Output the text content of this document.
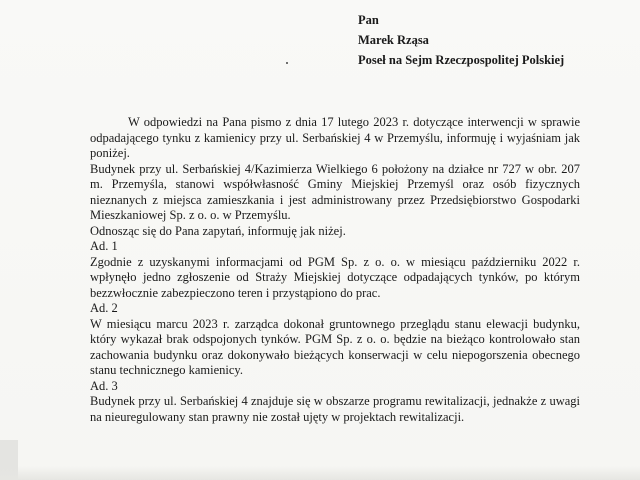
Pan
Marek Rząsa
Poseł na Sejm Rzeczpospolitej Polskiej

W odpowiedzi na Pana pismo z dnia 17 lutego 2023 r. dotyczące interwencji w sprawie odpadającego tynku z kamienicy przy ul. Serbańskiej 4 w Przemyślu, informuję i wyjaśniam jak poniżej.

Budynek przy ul. Serbańskiej 4/Kazimierza Wielkiego 6 położony na działce nr 727 w obr. 207 m. Przemyśla, stanowi współwłasność Gminy Miejskiej Przemyśl oraz osób fizycznych nieznanych z miejsca zamieszkania i jest administrowany przez Przedsiębiorstwo Gospodarki Mieszkaniowej Sp. z o. o. w Przemyślu.

Odnosząc się do Pana zapytań, informuję jak niżej.

Ad. 1

Zgodnie z uzyskanymi informacjami od PGM Sp. z o. o. w miesiącu październiku 2022 r. wpłynęło jedno zgłoszenie od Straży Miejskiej dotyczące odpadających tynków, po którym bezzwłocznie zabezpieczono teren i przystąpiono do prac.

Ad. 2

W miesiącu marcu 2023 r. zarządca dokonał gruntownego przeglądu stanu elewacji budynku, który wykazał brak odspojonych tynków. PGM Sp. z o. o. będzie na bieżąco kontrolowało stan zachowania budynku oraz dokonywało bieżących konserwacji w celu niepogorszenia obecnego stanu technicznego kamienicy.

Ad. 3

Budynek przy ul. Serbańskiej 4 znajduje się w obszarze programu rewitalizacji, jednakże z uwagi na nieuregulowany stan prawny nie został ujęty w projektach rewitalizacji.
